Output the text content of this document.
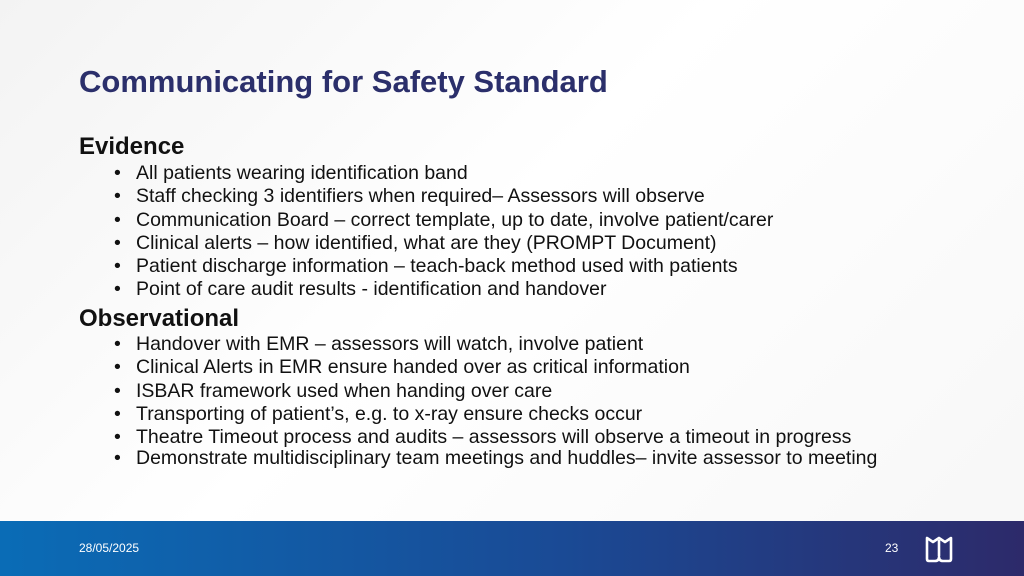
Communicating for Safety Standard
Evidence
• All patients wearing identification band
• Staff checking 3 identifiers when required– Assessors will observe
• Communication Board – correct template, up to date, involve patient/carer
• Clinical alerts – how identified, what are they (PROMPT Document)
• Patient discharge information – teach-back method used with patients
• Point of care audit results - identification and handover
Observational
• Handover with EMR – assessors will watch, involve patient
• Clinical Alerts in EMR ensure handed over as critical information
• ISBAR framework used when handing over care
• Transporting of patient’s, e.g. to x-ray ensure checks occur
• Theatre Timeout process and audits – assessors will observe a timeout in progress
• Demonstrate multidisciplinary team meetings and huddles– invite assessor to meeting
28/05/2025	23
